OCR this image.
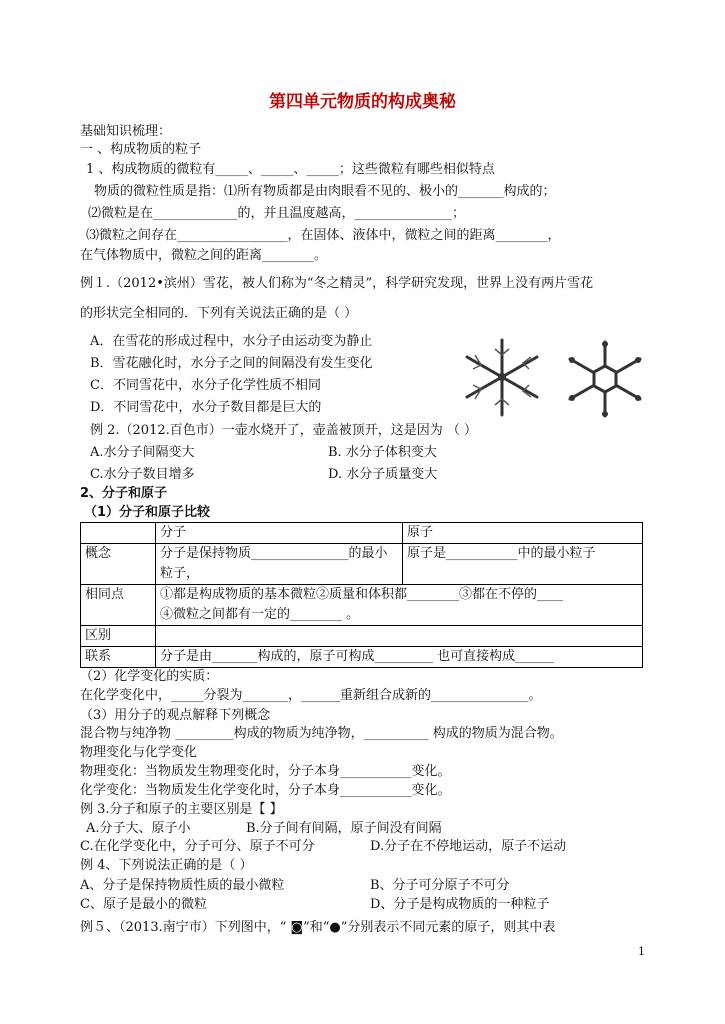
第四单元物质的构成奥秘
基础知识梳理：
一 、构成物质的粒子
1 、构成物质的微粒有_____、_____、_____；这些微粒有哪些相似特点
物质的微粒性质是指：⑴所有物质都是由肉眼看不见的、极小的_______构成的；
⑵微粒是在_____________的，并且温度越高，_______________；
⑶微粒之间存在_________________，在固体、液体中，微粒之间的距离________，
在气体物质中，微粒之间的距离________。
例１.（2012•滨州）雪花，被人们称为“冬之精灵”，科学研究发现，世界上没有两片雪花
的形状完全相同的．下列有关说法正确的是（ ）
A．在雪花的形成过程中，水分子由运动变为静止
B．雪花融化时，水分子之间的间隔没有发生变化
C．不同雪花中，水分子化学性质不相同
D．不同雪花中，水分子数目都是巨大的
例 2.（2012.百色市）一壶水烧开了，壶盖被顶开，这是因为 （ ）
A.水分子间隔变大	B. 水分子体积变大
C.水分子数目增多	D. 水分子质量变大
2、分子和原子
（1）分子和原子比较
	分子	原子
概念	分子是保持物质_______________的最小粒子，	原子是___________中的最小粒子
相同点	①都是构成物质的基本微粒②质量和体积都________③都在不停的____
④微粒之间都有一定的________ 。	

区别		
联系	分子是由_______构成的，原子可构成_________ 也可直接构成______	
（2）化学变化的实质：
在化学变化中，_____分裂为_______，______重新组合成新的_______________。
（3）用分子的观点解释下列概念
混合物与纯净物 _________构成的物质为纯净物，__________ 构成的物质为混合物。
物理变化与化学变化
物理变化：当物质发生物理变化时，分子本身___________变化。
化学变化：当物质发生化学变化时，分子本身___________变化。
例 3.分子和原子的主要区别是【 】
A.分子大、原子小	B.分子间有间隔，原子间没有间隔
C.在化学变化中，分子可分、原子不可分	D.分子在不停地运动，原子不运动
例 4、下列说法正确的是（ ）
A、分子是保持物质性质的最小微粒	B、分子可分原子不可分
C、原子是最小的微粒	D、分子是构成物质的一种粒子
例５、（2013.南宁市）下列图中，“ ◙”和“●”分别表示不同元素的原子，则其中表
1
